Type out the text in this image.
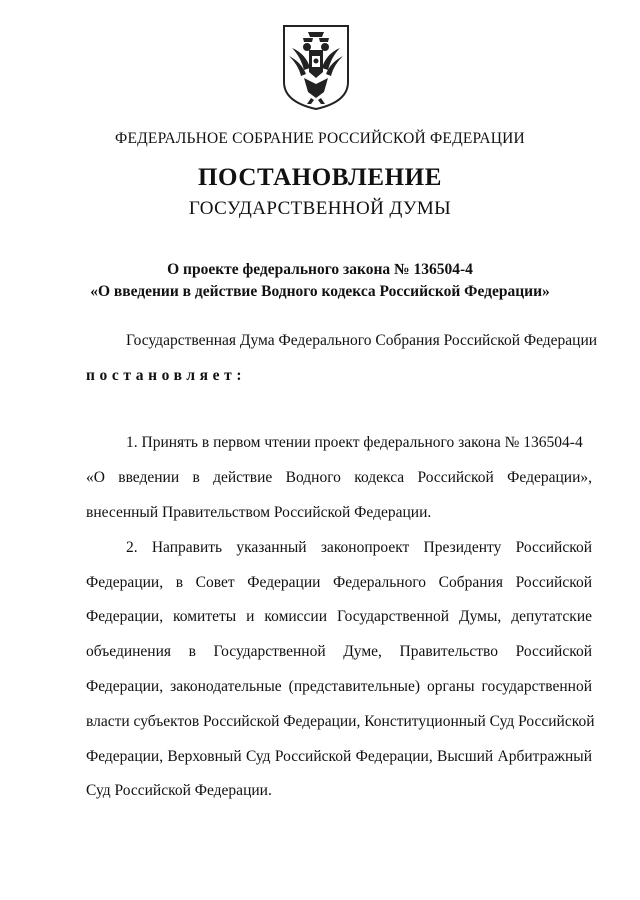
ФЕДЕРАЛЬНОЕ СОБРАНИЕ РОССИЙСКОЙ ФЕДЕРАЦИИ
ПОСТАНОВЛЕНИЕ
ГОСУДАРСТВЕННОЙ ДУМЫ
О проекте федерального закона № 136504-4
«О введении в действие Водного кодекса Российской Федерации»
Государственная Дума Федерального Собрания Российской Федерации
постановляет:
1. Принять в первом чтении проект федерального закона № 136504-4
«О введении в действие Водного кодекса Российской Федерации»,
внесенный Правительством Российской Федерации.
2. Направить указанный законопроект Президенту Российской
Федерации, в Совет Федерации Федерального Собрания Российской
Федерации, комитеты и комиссии Государственной Думы, депутатские
объединения в Государственной Думе, Правительство Российской
Федерации, законодательные (представительные) органы государственной
власти субъектов Российской Федерации, Конституционный Суд Российской
Федерации, Верховный Суд Российской Федерации, Высший Арбитражный
Суд Российской Федерации.
